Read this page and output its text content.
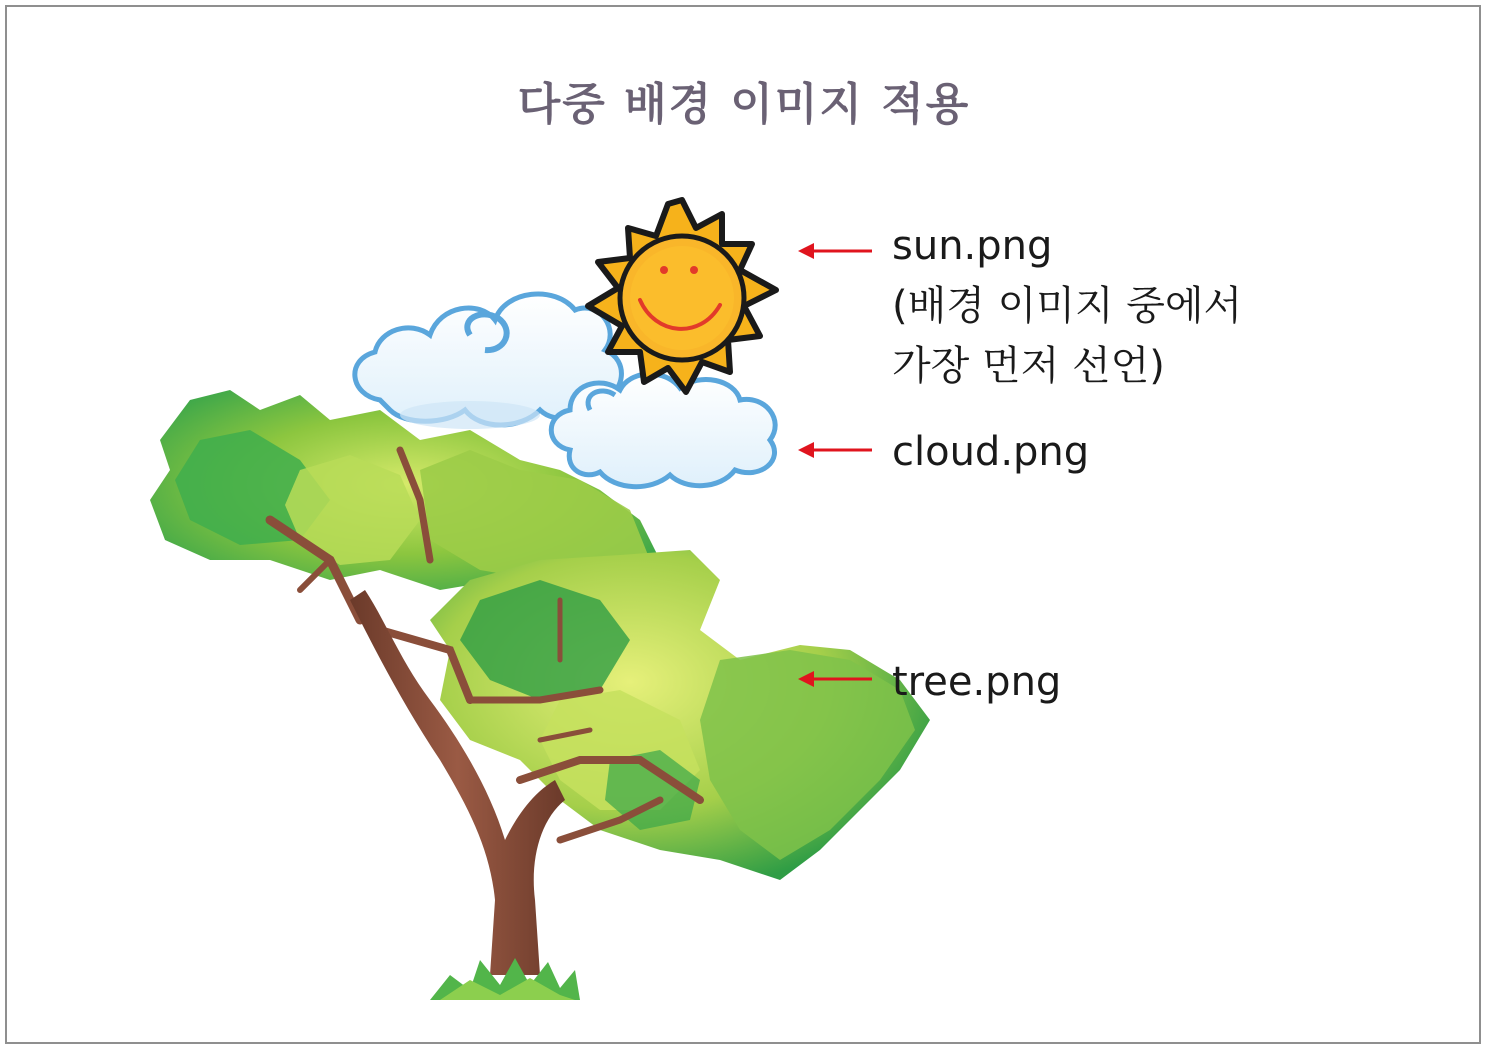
다중 배경 이미지 적용
sun.png
(배경 이미지 중에서
가장 먼저 선언)
cloud.png
tree.png
